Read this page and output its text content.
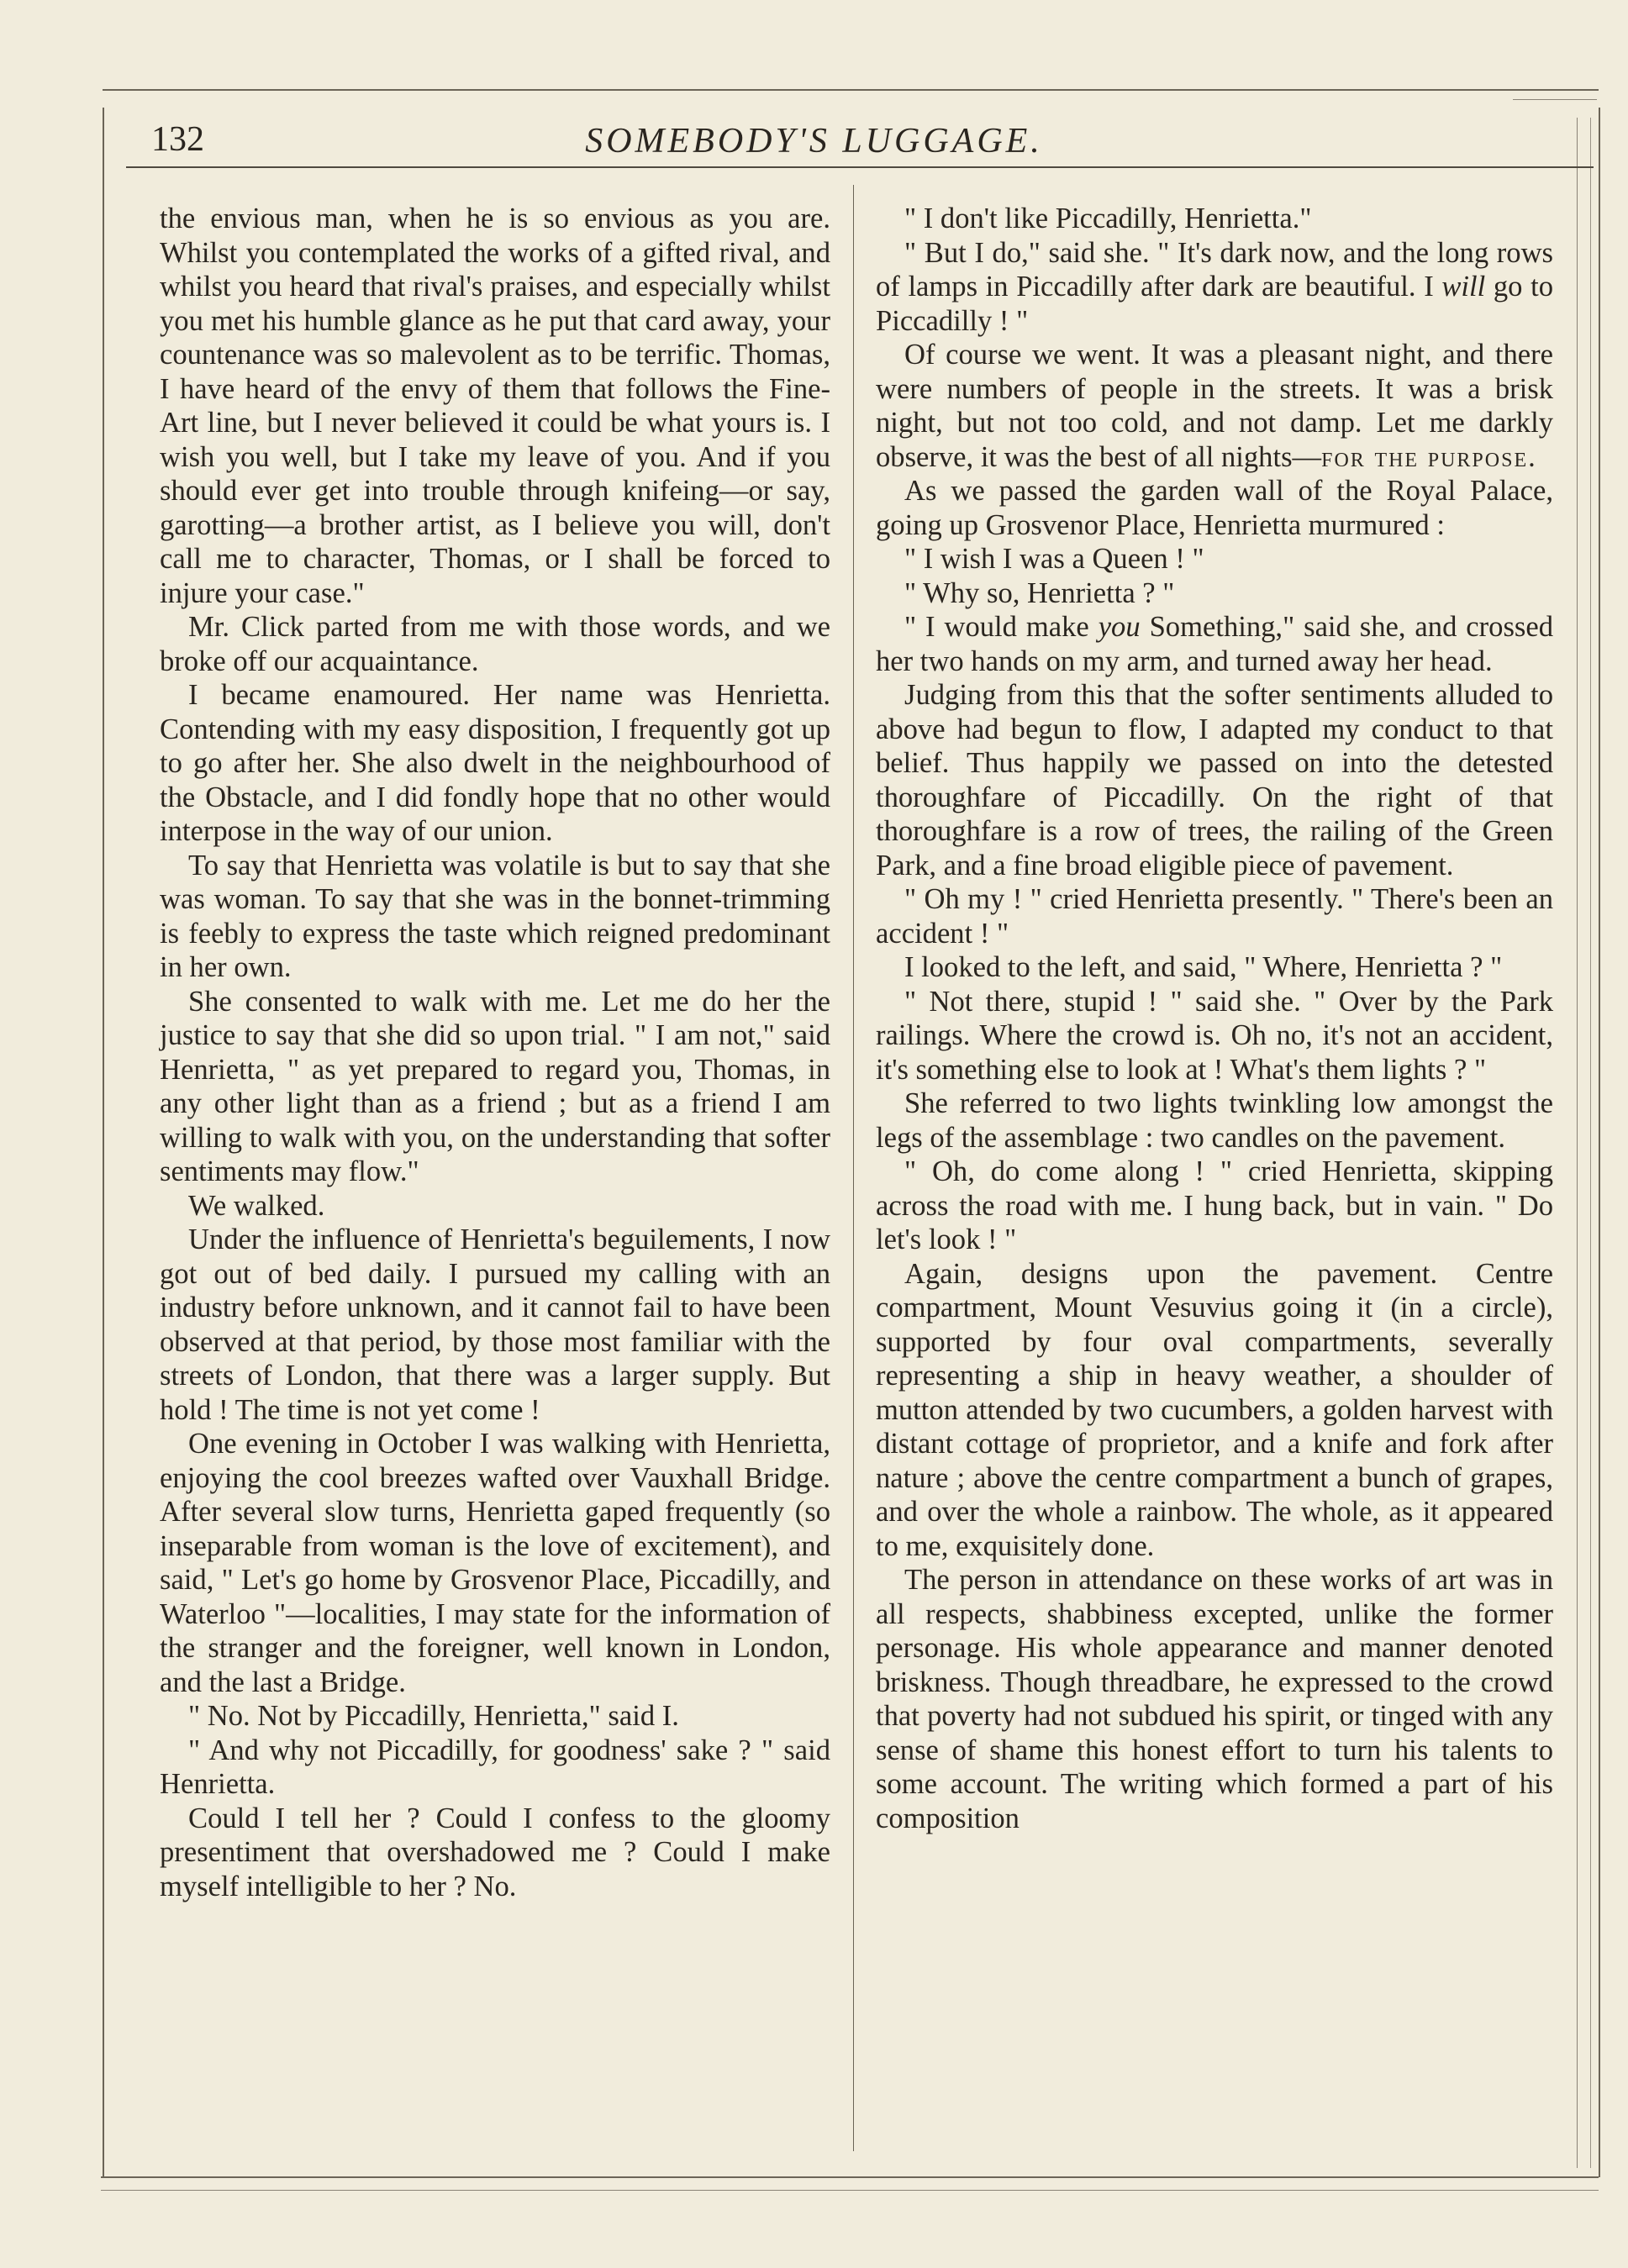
132	SOMEBODY'S LUGGAGE.

the envious man, when he is so envious as you are. Whilst you contemplated the works of a gifted rival, and whilst you heard that rival's praises, and especially whilst you met his humble glance as he put that card away, your countenance was so malevolent as to be terrific. Thomas, I have heard of the envy of them that follows the Fine-Art line, but I never believed it could be what yours is. I wish you well, but I take my leave of you. And if you should ever get into trouble through knifeing—or say, garotting—a brother artist, as I believe you will, don't call me to character, Thomas, or I shall be forced to injure your case."

Mr. Click parted from me with those words, and we broke off our acquaintance.

I became enamoured. Her name was Henrietta. Contending with my easy disposition, I frequently got up to go after her. She also dwelt in the neighbourhood of the Obstacle, and I did fondly hope that no other would interpose in the way of our union.

To say that Henrietta was volatile is but to say that she was woman. To say that she was in the bonnet-trimming is feebly to express the taste which reigned predominant in her own.

She consented to walk with me. Let me do her the justice to say that she did so upon trial. " I am not," said Henrietta, " as yet prepared to regard you, Thomas, in any other light than as a friend ; but as a friend I am willing to walk with you, on the understanding that softer sentiments may flow."

We walked.

Under the influence of Henrietta's beguilements, I now got out of bed daily. I pursued my calling with an industry before unknown, and it cannot fail to have been observed at that period, by those most familiar with the streets of London, that there was a larger supply. But hold ! The time is not yet come !

One evening in October I was walking with Henrietta, enjoying the cool breezes wafted over Vauxhall Bridge. After several slow turns, Henrietta gaped frequently (so inseparable from woman is the love of excitement), and said, " Let's go home by Grosvenor Place, Piccadilly, and Waterloo "—localities, I may state for the information of the stranger and the foreigner, well known in London, and the last a Bridge.

" No. Not by Piccadilly, Henrietta," said I.

" And why not Piccadilly, for goodness' sake ? " said Henrietta.

Could I tell her ? Could I confess to the gloomy presentiment that overshadowed me ? Could I make myself intelligible to her ? No.

" I don't like Piccadilly, Henrietta."

" But I do," said she. " It's dark now, and the long rows of lamps in Piccadilly after dark are beautiful. I will go to Piccadilly ! "

Of course we went. It was a pleasant night, and there were numbers of people in the streets. It was a brisk night, but not too cold, and not damp. Let me darkly observe, it was the best of all nights—for the purpose.

As we passed the garden wall of the Royal Palace, going up Grosvenor Place, Henrietta murmured :

" I wish I was a Queen ! "

" Why so, Henrietta ? "

" I would make you Something," said she, and crossed her two hands on my arm, and turned away her head.

Judging from this that the softer sentiments alluded to above had begun to flow, I adapted my conduct to that belief. Thus happily we passed on into the detested thoroughfare of Piccadilly. On the right of that thoroughfare is a row of trees, the railing of the Green Park, and a fine broad eligible piece of pavement.

" Oh my ! " cried Henrietta presently. " There's been an accident ! "

I looked to the left, and said, " Where, Henrietta ? "

" Not there, stupid ! " said she. " Over by the Park railings. Where the crowd is. Oh no, it's not an accident, it's something else to look at ! What's them lights ? "

She referred to two lights twinkling low amongst the legs of the assemblage : two candles on the pavement.

" Oh, do come along ! " cried Henrietta, skipping across the road with me. I hung back, but in vain. " Do let's look ! "

Again, designs upon the pavement. Centre compartment, Mount Vesuvius going it (in a circle), supported by four oval compartments, severally representing a ship in heavy weather, a shoulder of mutton attended by two cucumbers, a golden harvest with distant cottage of proprietor, and a knife and fork after nature ; above the centre compartment a bunch of grapes, and over the whole a rainbow. The whole, as it appeared to me, exquisitely done.

The person in attendance on these works of art was in all respects, shabbiness excepted, unlike the former personage. His whole appearance and manner denoted briskness. Though threadbare, he expressed to the crowd that poverty had not subdued his spirit, or tinged with any sense of shame this honest effort to turn his talents to some account. The writing which formed a part of his composition
